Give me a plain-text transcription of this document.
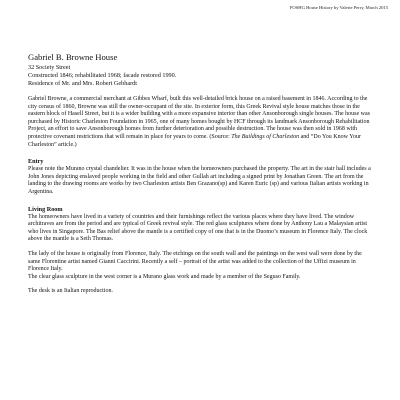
FOSHG House History by Valerie Perry, March 2015
Gabriel B. Browne House

32 Society Street

Constructed 1846; rehabilitated 1968; facade restored 1990.

Residence of Mr. and Mrs. Robert Gebhardt

Gabriel Browne, a commercial merchant at Gibbes Wharf, built this well-detailed brick house on a raised basement in 1846. According to the city census of 1860, Browne was still the owner-occupant of the site. In exterior form, this Greek Revival style house matches those in the eastern block of Hasell Street, but it is a wider building with a more expansive interior than other Ansonborough single houses. The house was purchased by Historic Charleston Foundation in 1965, one of many homes bought by HCF through its landmark Ansonborough Rehabilitation Project, an effort to save Ansonborough homes from further deterioration and possible destruction. The house was then sold in 1968 with protective covenant restrictions that will remain in place for years to come. (Source: The Buildings of Charleston and “Do You Know Your Charleston” article.)

Entry

Please note the Murano crystal chandelier. It was in the house when the homeowners purchased the property. The art in the stair hall includes a John Jones depicting enslaved people working in the field and other Gullah art including a signed print by Jonathan Green. The art from the landing to the drawing rooms are works by two Charleston artists Ben Grazano(sp) and Karen Euric (sp) and various Italian artists working in Argentina.

Living Room

The homeowners have lived in a variety of countries and their furnishings reflect the various places where they have lived. The window architraves are from the period and are typical of Greek revival style. The red glass sculptures where done by Anthony Lau a Malaysian artist who lives in Singapore. The Bas relief above the mantle is a certified copy of one that is in the Duomo’s museum in Florence Italy. The clock above the mantle is a Seth Thomas.

The lady of the house is originally from Florence, Italy. The etchings on the south wall and the paintings on the west wall were done by the same Florentine artist named Gianni Caccirini. Recently a self – portrait of the artist was added to the collection of the Uffizi museum in Florence Italy.

The clear glass sculpture in the west corner is a Murano glass work and made by a member of the Seguso Family.

The desk is an Italian reproduction.
